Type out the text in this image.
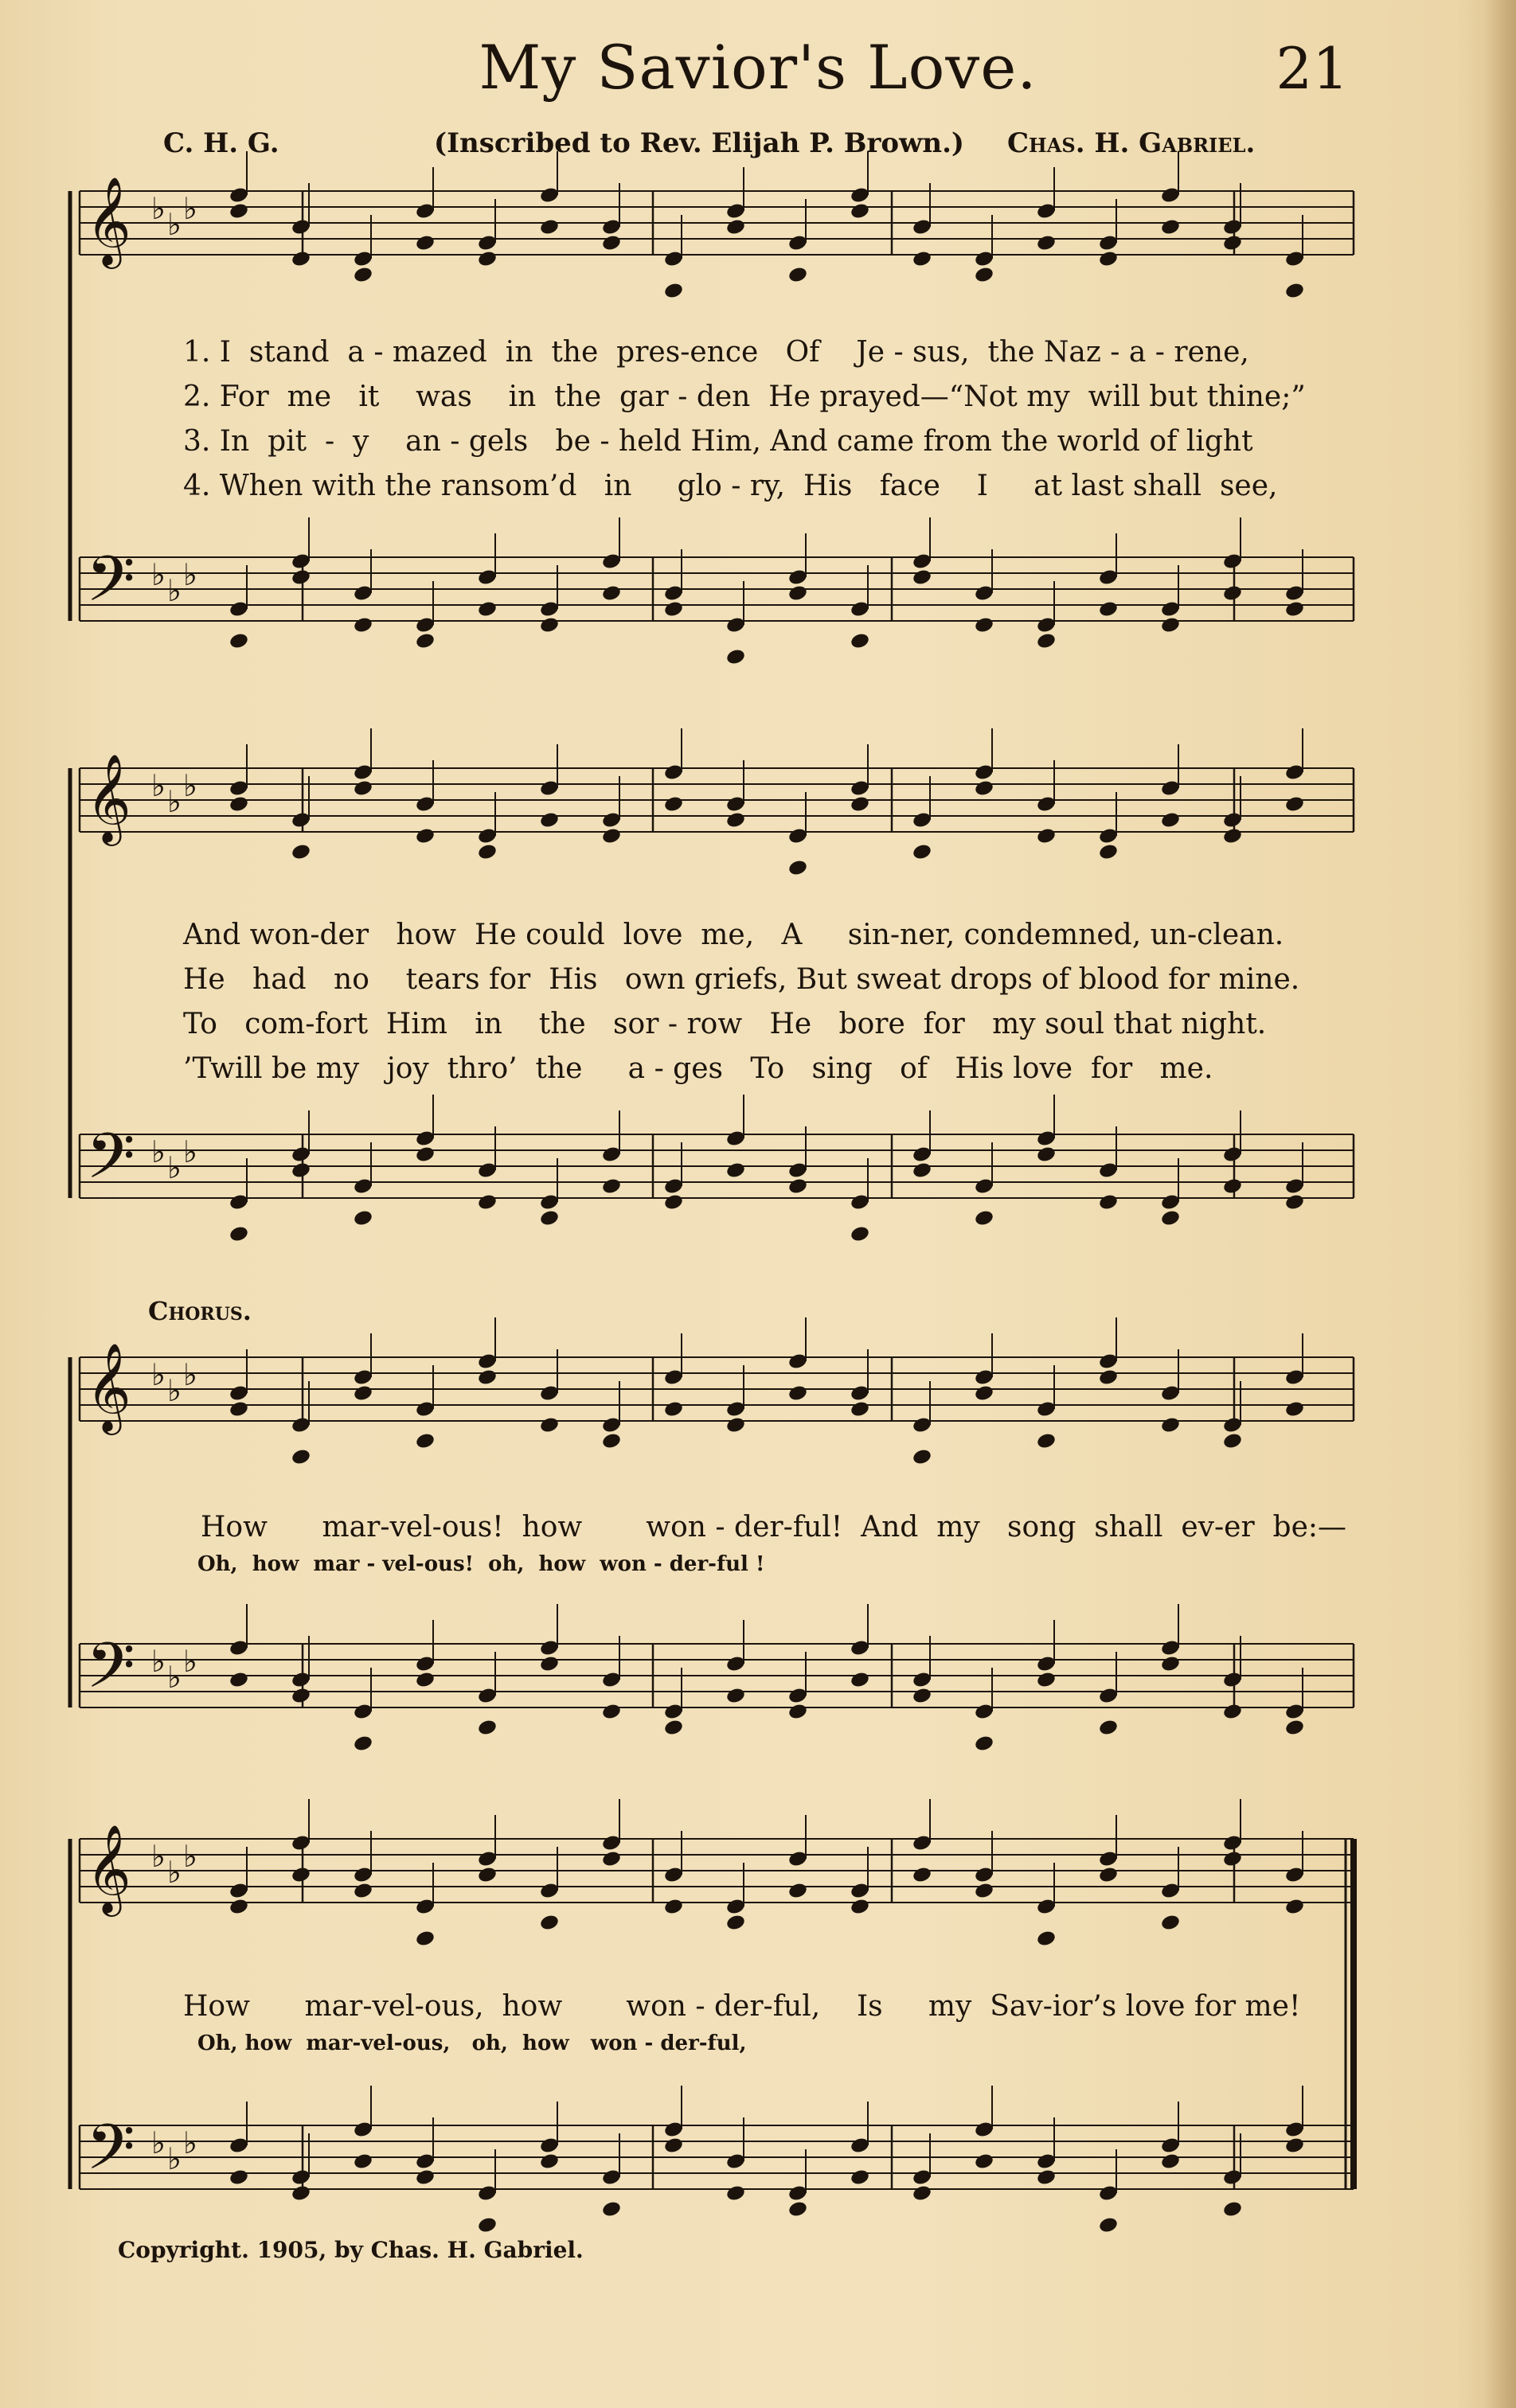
My Savior's Love.	21
C. H. G.	(Inscribed to Rev. Elijah P. Brown.) Chas. H. Gabriel.
𝄞 ♭ ♭ ♭
𝄢 ♭ ♭ ♭
𝄞 ♭ ♭ ♭
𝄢 ♭ ♭ ♭
𝄞 ♭ ♭ ♭
𝄢 ♭ ♭ ♭
𝄞 ♭ ♭ ♭
𝄢 ♭ ♭ ♭
1. I  stand  a - mazed  in  the  pres-ence   Of    Je - sus,  the Naz - a - rene,
2. For  me   it    was    in  the  gar - den  He prayed—“Not my  will but thine;”
3. In  pit  -  y    an - gels   be - held Him, And came from the world of light
4. When with the ransom’d   in     glo - ry,  His   face    I     at last shall  see,
And won-der   how  He could  love  me,   A     sin-ner, condemned, un-clean.
He   had   no    tears for  His   own griefs, But sweat drops of blood for mine.
To   com-fort  Him   in    the   sor - row   He   bore  for   my soul that night.
’Twill be my   joy  thro’  the     a - ges   To   sing   of   His love  for   me.
Chorus.
How      mar-vel-ous!  how       won - der-ful!  And  my   song  shall  ev-er  be:—
Oh,  how  mar - vel-ous!  oh,  how  won - der-ful !
How      mar-vel-ous,  how       won - der-ful,    Is     my  Sav-ior’s love for me!
Oh, how  mar-vel-ous,   oh,  how   won - der-ful,
Copyright. 1905, by Chas. H. Gabriel.
